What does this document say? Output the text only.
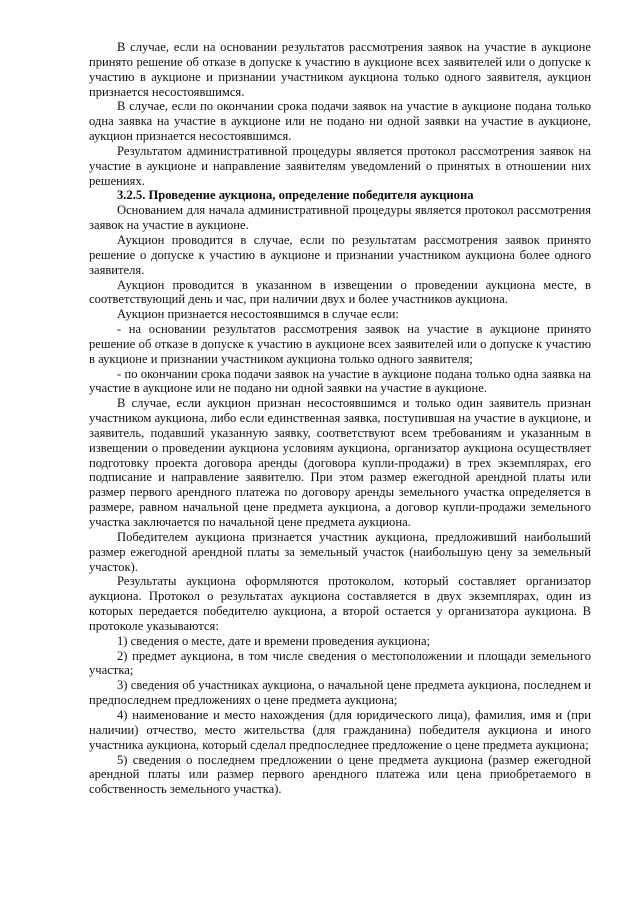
В случае, если на основании результатов рассмотрения заявок на участие в аукционе принято решение об отказе в допуске к участию в аукционе всех заявителей или о допуске к участию в аукционе и признании участником аукциона только одного заявителя, аукцион признается несостоявшимся.

В случае, если по окончании срока подачи заявок на участие в аукционе подана только одна заявка на участие в аукционе или не подано ни одной заявки на участие в аукционе, аукцион признается несостоявшимся.

Результатом административной процедуры является протокол рассмотрения заявок на участие в аукционе и направление заявителям уведомлений о принятых в отношении них решениях.

3.2.5. Проведение аукциона, определение победителя аукциона

Основанием для начала административной процедуры является протокол рассмотрения заявок на участие в аукционе.

Аукцион проводится в случае, если по результатам рассмотрения заявок принято решение о допуске к участию в аукционе и признании участником аукциона более одного заявителя.

Аукцион проводится в указанном в извещении о проведении аукциона месте, в соответствующий день и час, при наличии двух и более участников аукциона.

Аукцион признается несостоявшимся в случае если:

- на основании результатов рассмотрения заявок на участие в аукционе принято решение об отказе в допуске к участию в аукционе всех заявителей или о допуске к участию в аукционе и признании участником аукциона только одного заявителя;

- по окончании срока подачи заявок на участие в аукционе подана только одна заявка на участие в аукционе или не подано ни одной заявки на участие в аукционе.

В случае, если аукцион признан несостоявшимся и только один заявитель признан участником аукциона, либо если единственная заявка, поступившая на участие в аукционе, и заявитель, подавший указанную заявку, соответствуют всем требованиям и указанным в извещении о проведении аукциона условиям аукциона, организатор аукциона осуществляет подготовку проекта договора аренды (договора купли-продажи) в трех экземплярах, его подписание и направление заявителю. При этом размер ежегодной арендной платы или размер первого арендного платежа по договору аренды земельного участка определяется в размере, равном начальной цене предмета аукциона, а договор купли-продажи земельного участка заключается по начальной цене предмета аукциона.

Победителем аукциона признается участник аукциона, предложивший наибольший размер ежегодной арендной платы за земельный участок (наибольшую цену за земельный участок).

Результаты аукциона оформляются протоколом, который составляет организатор аукциона. Протокол о результатах аукциона составляется в двух экземплярах, один из которых передается победителю аукциона, а второй остается у организатора аукциона. В протоколе указываются:

1) сведения о месте, дате и времени проведения аукциона;

2) предмет аукциона, в том числе сведения о местоположении и площади земельного участка;

3) сведения об участниках аукциона, о начальной цене предмета аукциона, последнем и предпоследнем предложениях о цене предмета аукциона;

4) наименование и место нахождения (для юридического лица), фамилия, имя и (при наличии) отчество, место жительства (для гражданина) победителя аукциона и иного участника аукциона, который сделал предпоследнее предложение о цене предмета аукциона;

5) сведения о последнем предложении о цене предмета аукциона (размер ежегодной арендной платы или размер первого арендного платежа или цена приобретаемого в собственность земельного участка).
